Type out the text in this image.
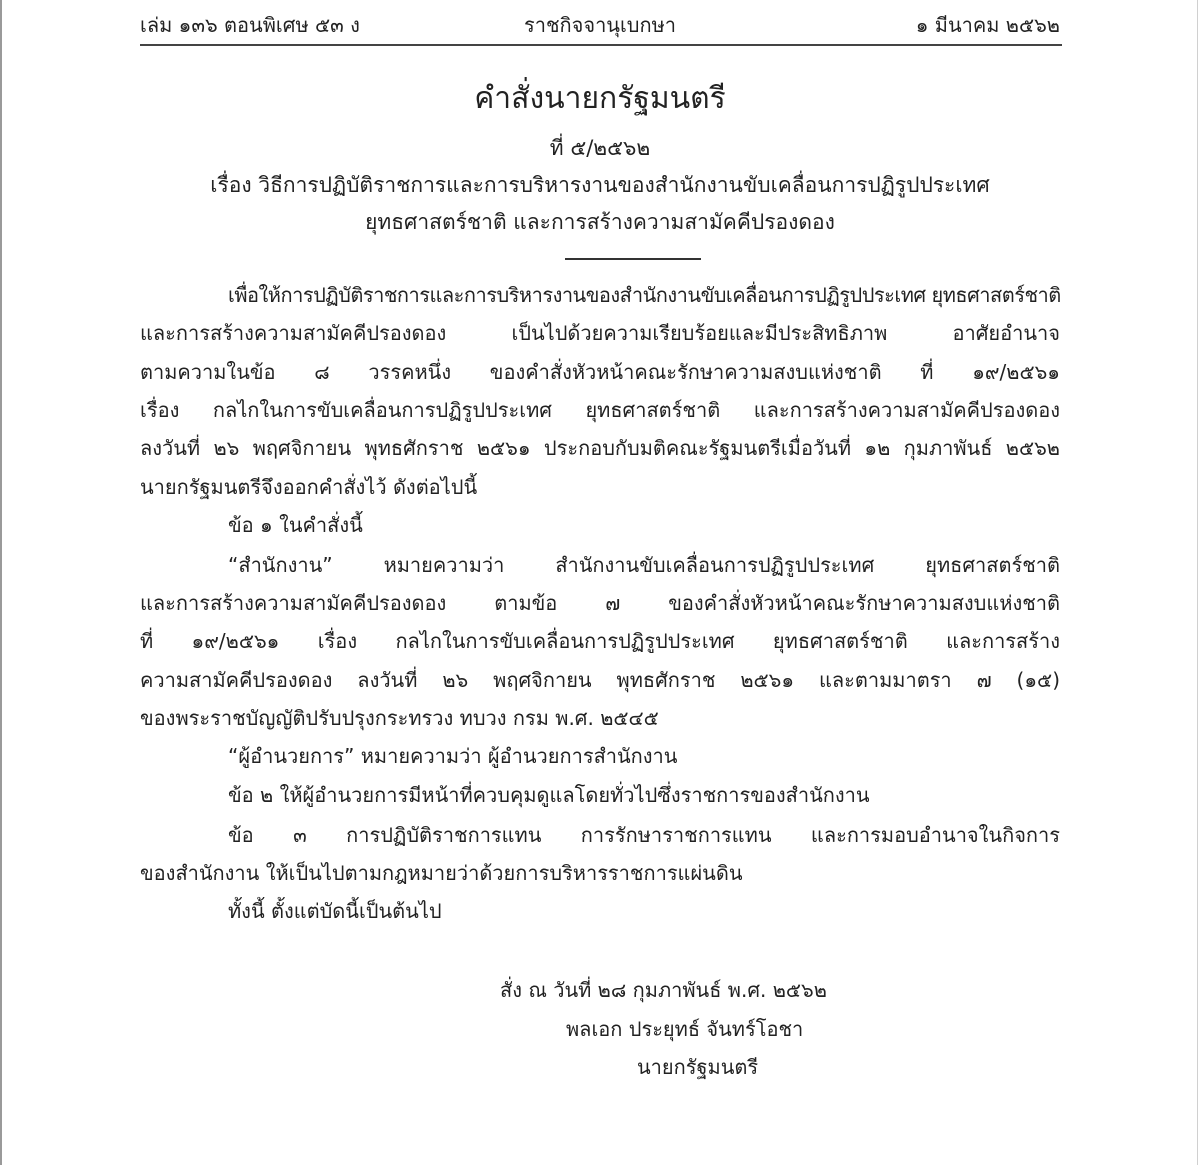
เล่ม ๑๓๖ ตอนพิเศษ ๕๓ ง	ราชกิจจานุเบกษา	๑ มีนาคม ๒๕๖๒
คำสั่งนายกรัฐมนตรี
ที่ ๕/๒๕๖๒
เรื่อง วิธีการปฏิบัติราชการและการบริหารงานของสำนักงานขับเคลื่อนการปฏิรูปประเทศ
ยุทธศาสตร์ชาติ และการสร้างความสามัคคีปรองดอง
เพื่อให้การปฏิบัติราชการและการบริหารงานของสำนักงานขับเคลื่อนการปฏิรูปประเทศ ยุทธศาสตร์ชาติ
และการสร้างความสามัคคีปรองดอง เป็นไปด้วยความเรียบร้อยและมีประสิทธิภาพ อาศัยอำนาจ
ตามความในข้อ ๘ วรรคหนึ่ง ของคำสั่งหัวหน้าคณะรักษาความสงบแห่งชาติ ที่ ๑๙/๒๕๖๑
เรื่อง กลไกในการขับเคลื่อนการปฏิรูปประเทศ ยุทธศาสตร์ชาติ และการสร้างความสามัคคีปรองดอง
ลงวันที่ ๒๖ พฤศจิกายน พุทธศักราช ๒๕๖๑ ประกอบกับมติคณะรัฐมนตรีเมื่อวันที่ ๑๒ กุมภาพันธ์ ๒๕๖๒
นายกรัฐมนตรีจึงออกคำสั่งไว้ ดังต่อไปนี้
ข้อ ๑ ในคำสั่งนี้
“สำนักงาน” หมายความว่า สำนักงานขับเคลื่อนการปฏิรูปประเทศ ยุทธศาสตร์ชาติ
และการสร้างความสามัคคีปรองดอง ตามข้อ ๗ ของคำสั่งหัวหน้าคณะรักษาความสงบแห่งชาติ
ที่ ๑๙/๒๕๖๑ เรื่อง กลไกในการขับเคลื่อนการปฏิรูปประเทศ ยุทธศาสตร์ชาติ และการสร้าง
ความสามัคคีปรองดอง ลงวันที่ ๒๖ พฤศจิกายน พุทธศักราช ๒๕๖๑ และตามมาตรา ๗ (๑๕)
ของพระราชบัญญัติปรับปรุงกระทรวง ทบวง กรม พ.ศ. ๒๕๔๕
“ผู้อำนวยการ” หมายความว่า ผู้อำนวยการสำนักงาน
ข้อ ๒ ให้ผู้อำนวยการมีหน้าที่ควบคุมดูแลโดยทั่วไปซึ่งราชการของสำนักงาน
ข้อ ๓ การปฏิบัติราชการแทน การรักษาราชการแทน และการมอบอำนาจในกิจการ
ของสำนักงาน ให้เป็นไปตามกฎหมายว่าด้วยการบริหารราชการแผ่นดิน
ทั้งนี้ ตั้งแต่บัดนี้เป็นต้นไป
สั่ง ณ วันที่ ๒๘ กุมภาพันธ์ พ.ศ. ๒๕๖๒
พลเอก ประยุทธ์ จันทร์โอชา
นายกรัฐมนตรี
